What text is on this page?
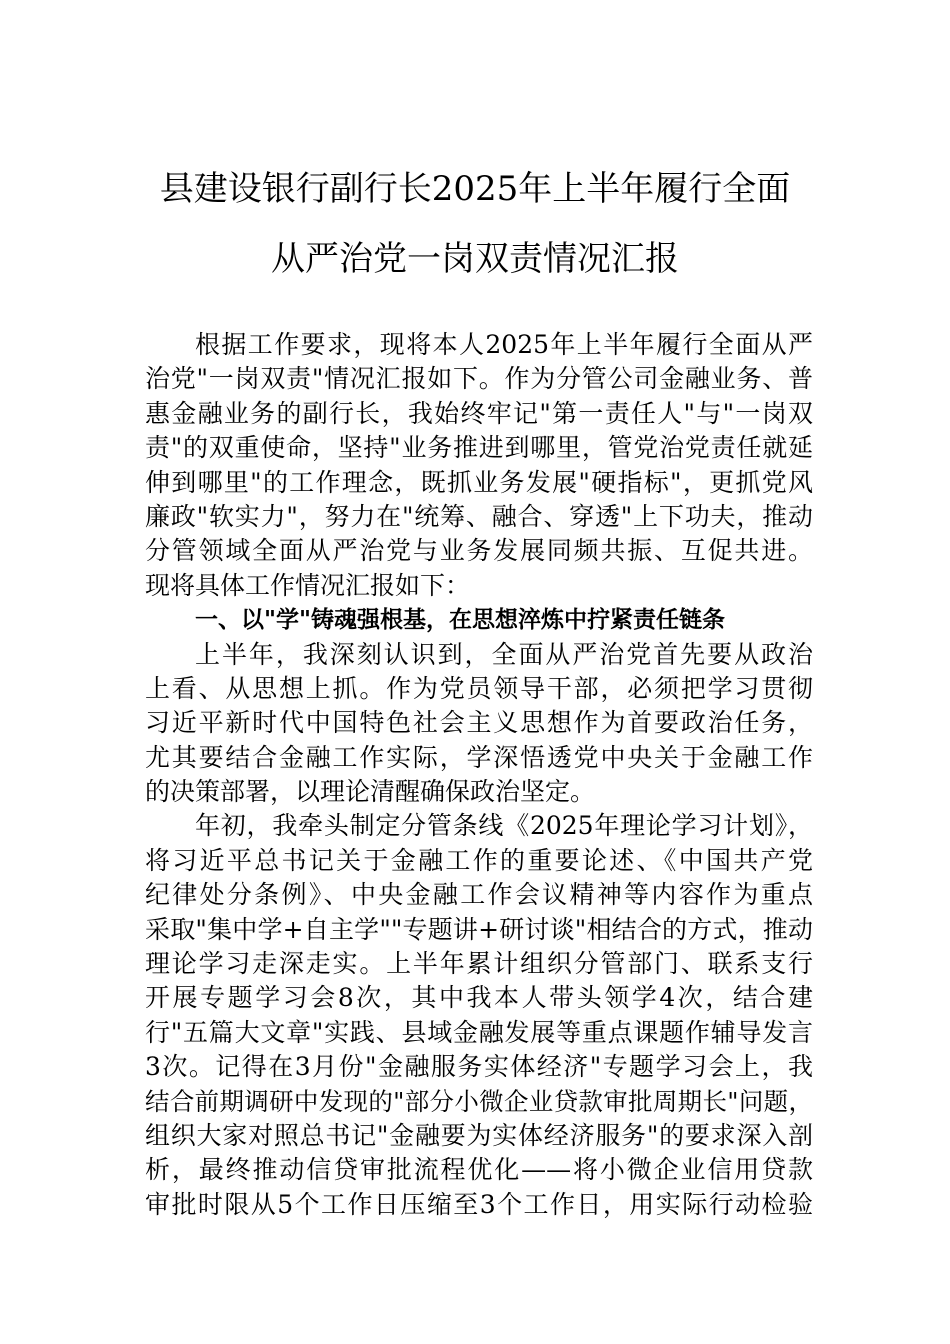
县建设银行副行长2025年上半年履行全面
从严治党一岗双责情况汇报
根据工作要求，现将本人2025年上半年履行全面从严
治党"一岗双责"情况汇报如下。作为分管公司金融业务、普
惠金融业务的副行长，我始终牢记"第一责任人"与"一岗双
责"的双重使命，坚持"业务推进到哪里，管党治党责任就延
伸到哪里"的工作理念，既抓业务发展"硬指标"，更抓党风
廉政"软实力"，努力在"统筹、融合、穿透"上下功夫，推动
分管领域全面从严治党与业务发展同频共振、互促共进。
现将具体工作情况汇报如下：
一、以"学"铸魂强根基，在思想淬炼中拧紧责任链条
上半年，我深刻认识到，全面从严治党首先要从政治
上看、从思想上抓。作为党员领导干部，必须把学习贯彻
习近平新时代中国特色社会主义思想作为首要政治任务，
尤其要结合金融工作实际，学深悟透党中央关于金融工作
的决策部署，以理论清醒确保政治坚定。
年初，我牵头制定分管条线《2025年理论学习计划》，
将习近平总书记关于金融工作的重要论述、《中国共产党
纪律处分条例》、中央金融工作会议精神等内容作为重点
采取"集中学+自主学""专题讲+研讨谈"相结合的方式，推动
理论学习走深走实。上半年累计组织分管部门、联系支行
开展专题学习会8次，其中我本人带头领学4次，结合建
行"五篇大文章"实践、县域金融发展等重点课题作辅导发言
3次。记得在3月份"金融服务实体经济"专题学习会上，我
结合前期调研中发现的"部分小微企业贷款审批周期长"问题，
组织大家对照总书记"金融要为实体经济服务"的要求深入剖
析，最终推动信贷审批流程优化——将小微企业信用贷款
审批时限从5个工作日压缩至3个工作日，用实际行动检验
